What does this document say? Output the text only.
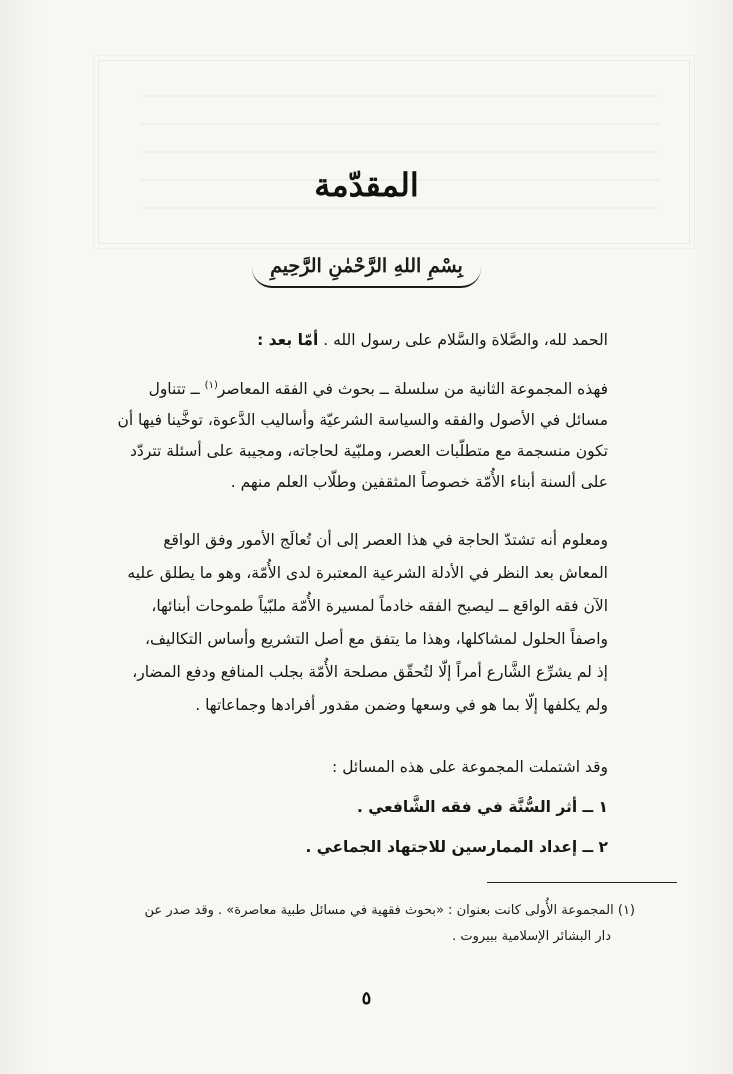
المقدّمة
بِسْمِ اللهِ الرَّحْمٰنِ الرَّحِيمِ
الحمد لله، والصَّلاة والسَّلام على رسول الله . أمّا بعد :
فهذه المجموعة الثانية من سلسلة ــ بحوث في الفقه المعاصر$^{(١)}$ ــ تتناول
مسائل في الأصول والفقه والسياسة الشرعيّة وأساليب الدَّعوة، توخَّينا فيها أن
تكون منسجمة مع متطلّبات العصر، وملبّية لحاجاته، ومجيبة على أسئلة تتردّد
على ألسنة أبناء الأُمّة خصوصاً المثقفين وطلّاب العلم منهم .
ومعلوم أنه تشتدّ الحاجة في هذا العصر إلى أن تُعالَج الأمور وفق الواقع
المعاش بعد النظر في الأدلة الشرعية المعتبرة لدى الأُمّة، وهو ما يطلق عليه
الآن فقه الواقع ــ ليصبح الفقه خادماً لمسيرة الأُمّة ملبّياً طموحات أبنائها،
واصفاً الحلول لمشاكلها، وهذا ما يتفق مع أصل التشريع وأساس التكاليف،
إذ لم يشرِّع الشَّارع أمراً إلّا لتُحقّق مصلحة الأُمّة بجلب المنافع ودفع المضار،
ولم يكلفها إلّا بما هو في وسعها وضمن مقدور أفرادها وجماعاتها .
وقد اشتملت المجموعة على هذه المسائل :
١ ــ أثر السُّنَّة في فقه الشَّافعي .
٢ ــ إعداد الممارسين للاجتهاد الجماعي .
(١) المجموعة الأُولى كانت بعنوان : «بحوث فقهية في مسائل طبية معاصرة» . وقد صدر عن
دار البشائر الإسلامية ببيروت .
٥
